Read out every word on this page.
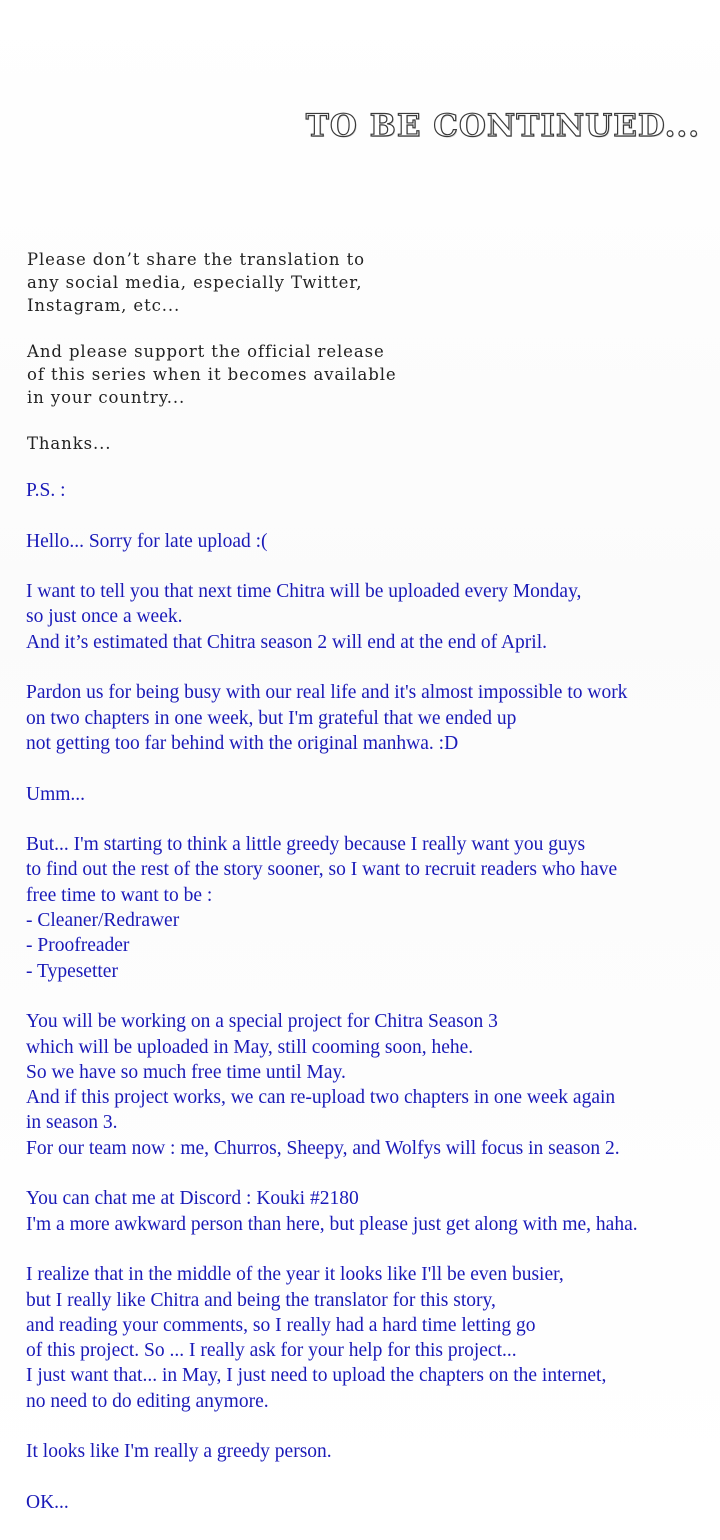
TO BE CONTINUED...
Please don’t share the translation to
any social media, especially Twitter,
Instagram, etc...
And please support the official release
of this series when it becomes available
in your country...
Thanks...
P.S. :
Hello... Sorry for late upload :(
I want to tell you that next time Chitra will be uploaded every Monday,
so just once a week.
And it’s estimated that Chitra season 2 will end at the end of April.
Pardon us for being busy with our real life and it's almost impossible to work
on two chapters in one week, but I'm grateful that we ended up
not getting too far behind with the original manhwa. :D
Umm...
But... I'm starting to think a little greedy because I really want you guys
to find out the rest of the story sooner, so I want to recruit readers who have
free time to want to be :
- Cleaner/Redrawer
- Proofreader
- Typesetter
You will be working on a special project for Chitra Season 3
which will be uploaded in May, still cooming soon, hehe.
So we have so much free time until May.
And if this project works, we can re-upload two chapters in one week again
in season 3.
For our team now : me, Churros, Sheepy, and Wolfys will focus in season 2.
You can chat me at Discord : Kouki #2180
I'm a more awkward person than here, but please just get along with me, haha.
I realize that in the middle of the year it looks like I'll be even busier,
but I really like Chitra and being the translator for this story,
and reading your comments, so I really had a hard time letting go
of this project. So ... I really ask for your help for this project...
I just want that... in May, I just need to upload the chapters on the internet,
no need to do editing anymore.
It looks like I'm really a greedy person.
OK...
